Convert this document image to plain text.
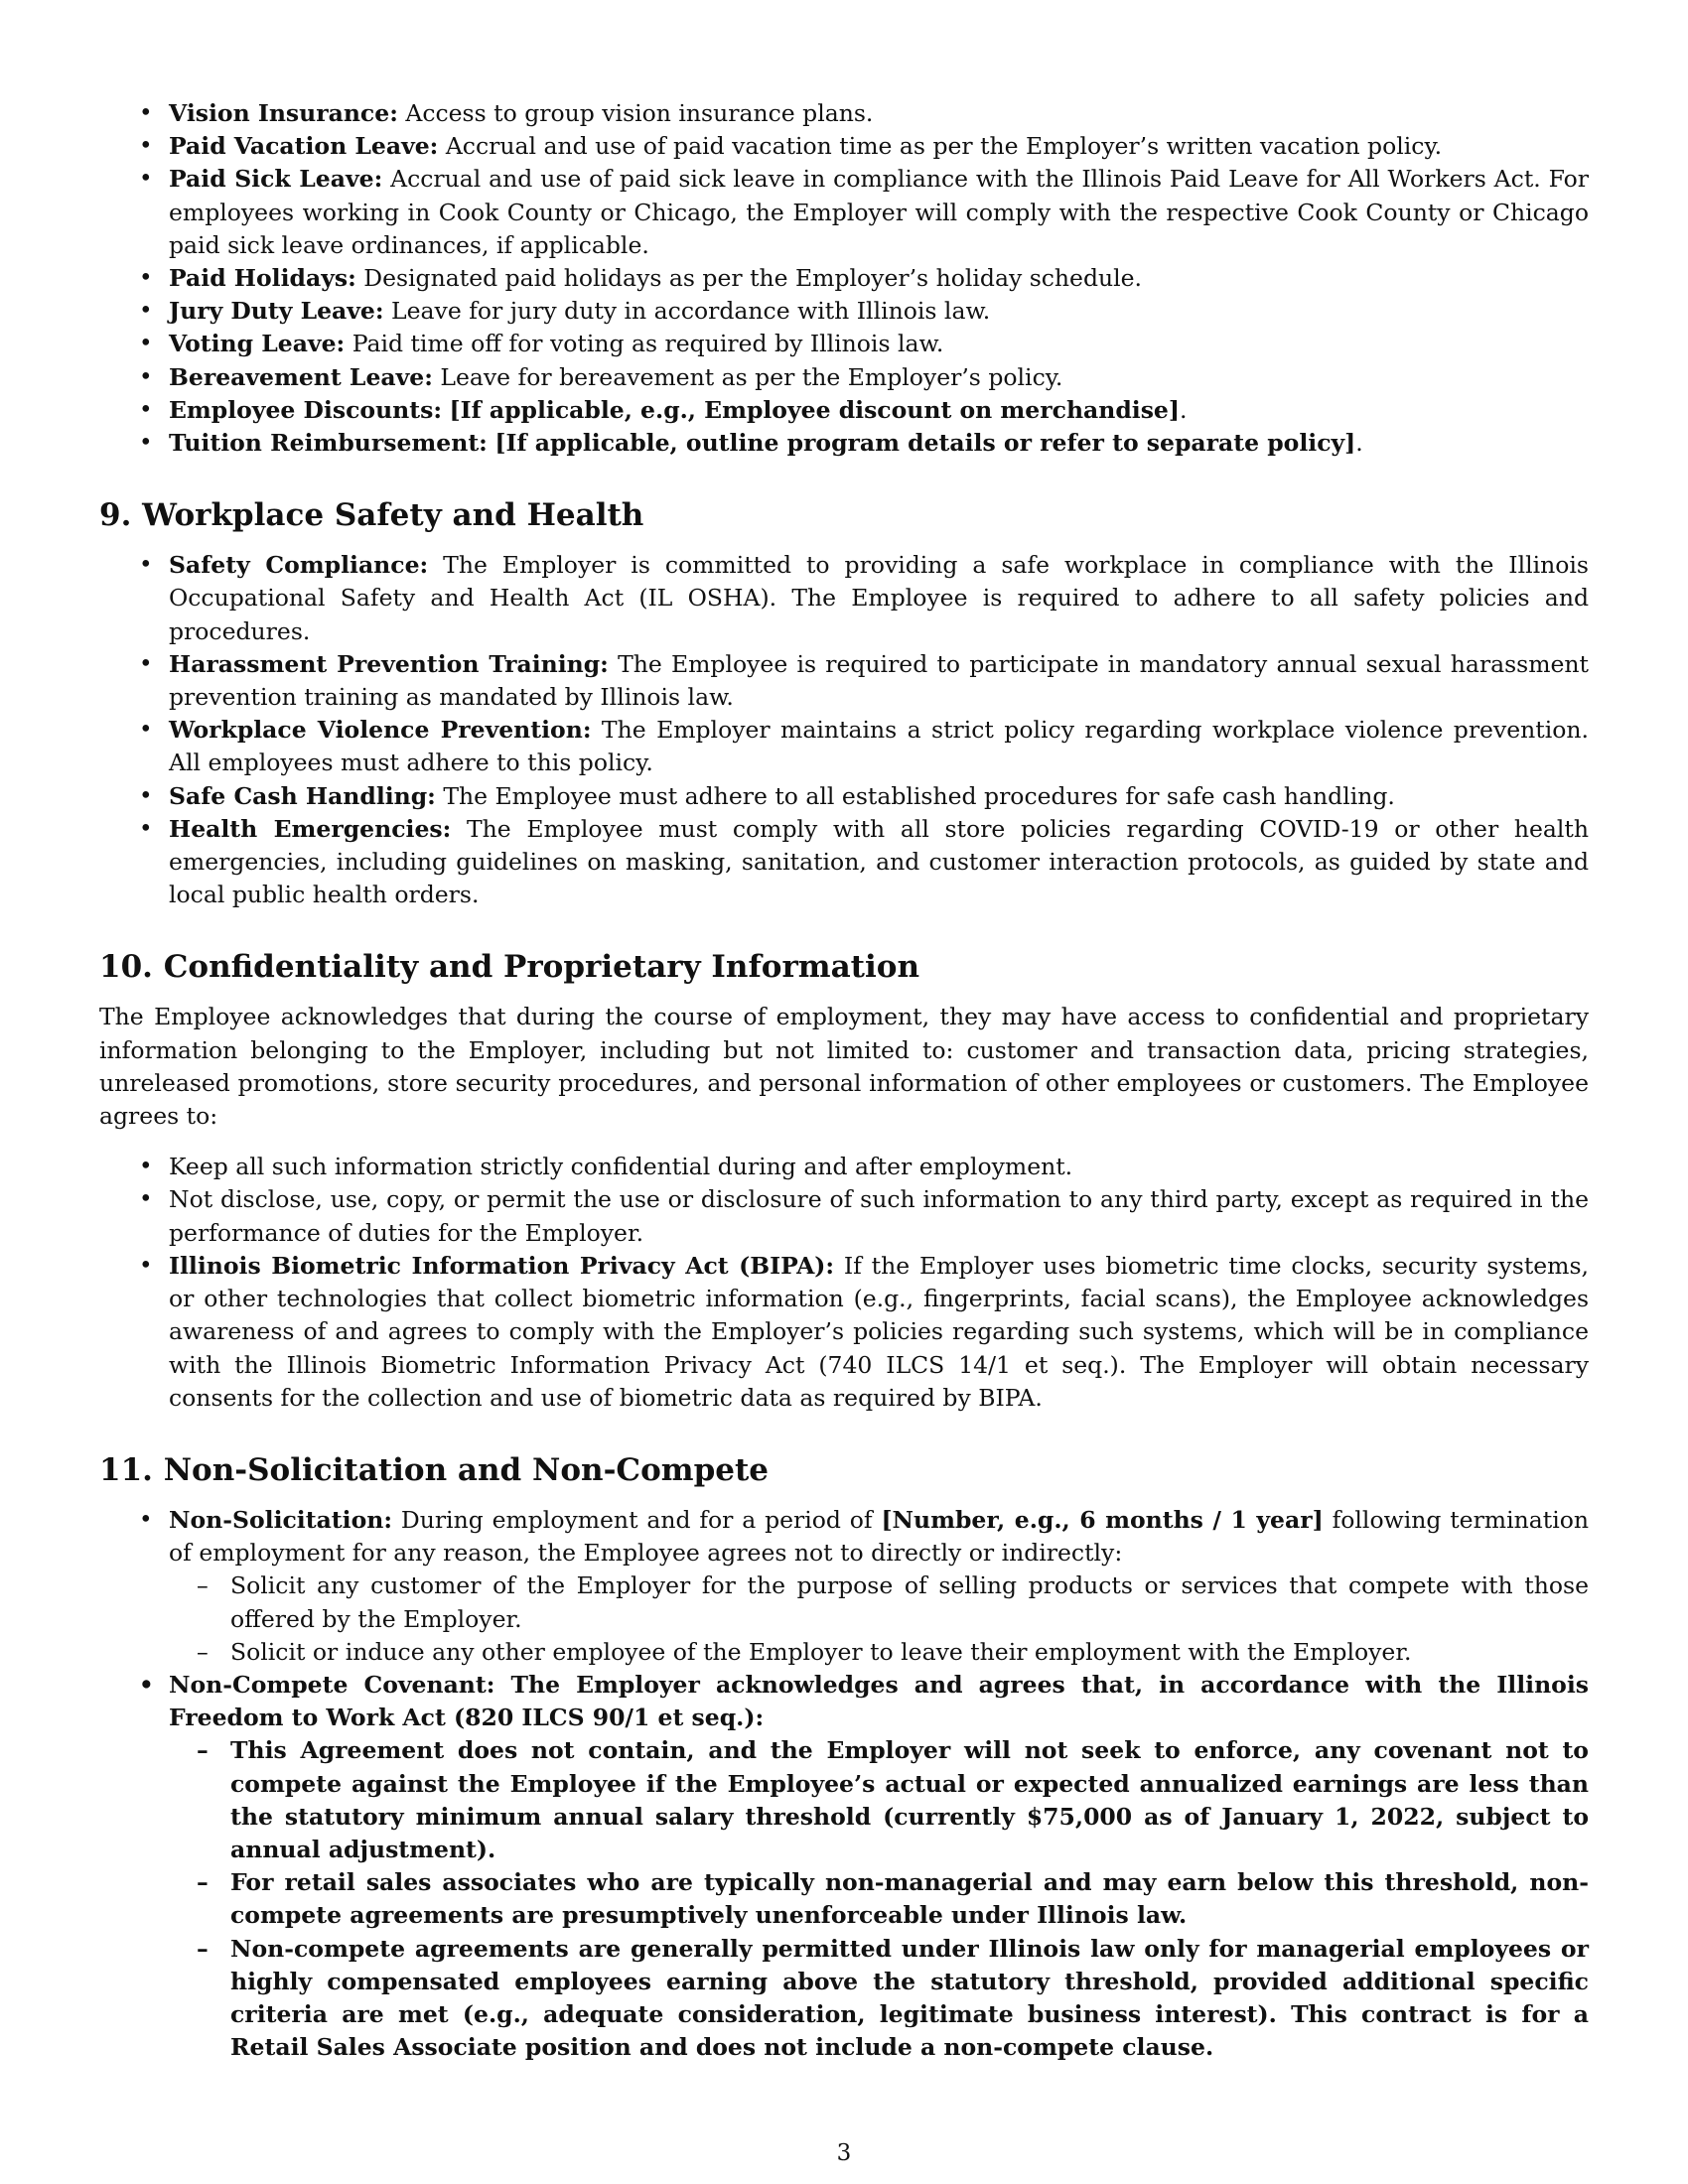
• Vision Insurance: Access to group vision insurance plans.
• Paid Vacation Leave: Accrual and use of paid vacation time as per the Employer’s written vacation policy.
• Paid Sick Leave: Accrual and use of paid sick leave in compliance with the Illinois Paid Leave for All Workers Act. For employees working in Cook County or Chicago, the Employer will comply with the respective Cook County or Chicago paid sick leave ordinances, if applicable.
• Paid Holidays: Designated paid holidays as per the Employer’s holiday schedule.
• Jury Duty Leave: Leave for jury duty in accordance with Illinois law.
• Voting Leave: Paid time off for voting as required by Illinois law.
• Bereavement Leave: Leave for bereavement as per the Employer’s policy.
• Employee Discounts: [If applicable, e.g., Employee discount on merchandise].
• Tuition Reimbursement: [If applicable, outline program details or refer to separate policy].
9. Workplace Safety and Health
• Safety Compliance: The Employer is committed to providing a safe workplace in compliance with the Illinois Occupational Safety and Health Act (IL OSHA). The Employee is required to adhere to all safety policies and procedures.
• Harassment Prevention Training: The Employee is required to participate in mandatory annual sexual harassment prevention training as mandated by Illinois law.
• Workplace Violence Prevention: The Employer maintains a strict policy regarding workplace violence prevention. All employees must adhere to this policy.
• Safe Cash Handling: The Employee must adhere to all established procedures for safe cash handling.
• Health Emergencies: The Employee must comply with all store policies regarding COVID-19 or other health emergencies, including guidelines on masking, sanitation, and customer interaction protocols, as guided by state and local public health orders.
10. Confidentiality and Proprietary Information

The Employee acknowledges that during the course of employment, they may have access to confidential and proprietary information belonging to the Employer, including but not limited to: customer and transaction data, pricing strategies, unreleased promotions, store security procedures, and personal information of other employees or customers. The Employee agrees to:

• Keep all such information strictly confidential during and after employment.
• Not disclose, use, copy, or permit the use or disclosure of such information to any third party, except as required in the performance of duties for the Employer.
• Illinois Biometric Information Privacy Act (BIPA): If the Employer uses biometric time clocks, security systems, or other technologies that collect biometric information (e.g., fingerprints, facial scans), the Employee acknowledges awareness of and agrees to comply with the Employer’s policies regarding such systems, which will be in compliance with the Illinois Biometric Information Privacy Act (740 ILCS 14/1 et seq.). The Employer will obtain necessary consents for the collection and use of biometric data as required by BIPA.
11. Non-Solicitation and Non-Compete
• Non-Solicitation: During employment and for a period of [Number, e.g., 6 months / 1 year] following termination of employment for any reason, the Employee agrees not to directly or indirectly:
– Solicit any customer of the Employer for the purpose of selling products or services that compete with those offered by the Employer.
– Solicit or induce any other employee of the Employer to leave their employment with the Employer.
• Non-Compete Covenant: The Employer acknowledges and agrees that, in accordance with the Illinois Freedom to Work Act (820 ILCS 90/1 et seq.):
– This Agreement does not contain, and the Employer will not seek to enforce, any covenant not to compete against the Employee if the Employee’s actual or expected annualized earnings are less than the statutory minimum annual salary threshold (currently $75,000 as of January 1, 2022, subject to annual adjustment).
– For retail sales associates who are typically non-managerial and may earn below this threshold, non-compete agreements are presumptively unenforceable under Illinois law.
– Non-compete agreements are generally permitted under Illinois law only for managerial employees or highly compensated employees earning above the statutory threshold, provided additional specific criteria are met (e.g., adequate consideration, legitimate business interest). This contract is for a Retail Sales Associate position and does not include a non-compete clause.
3
